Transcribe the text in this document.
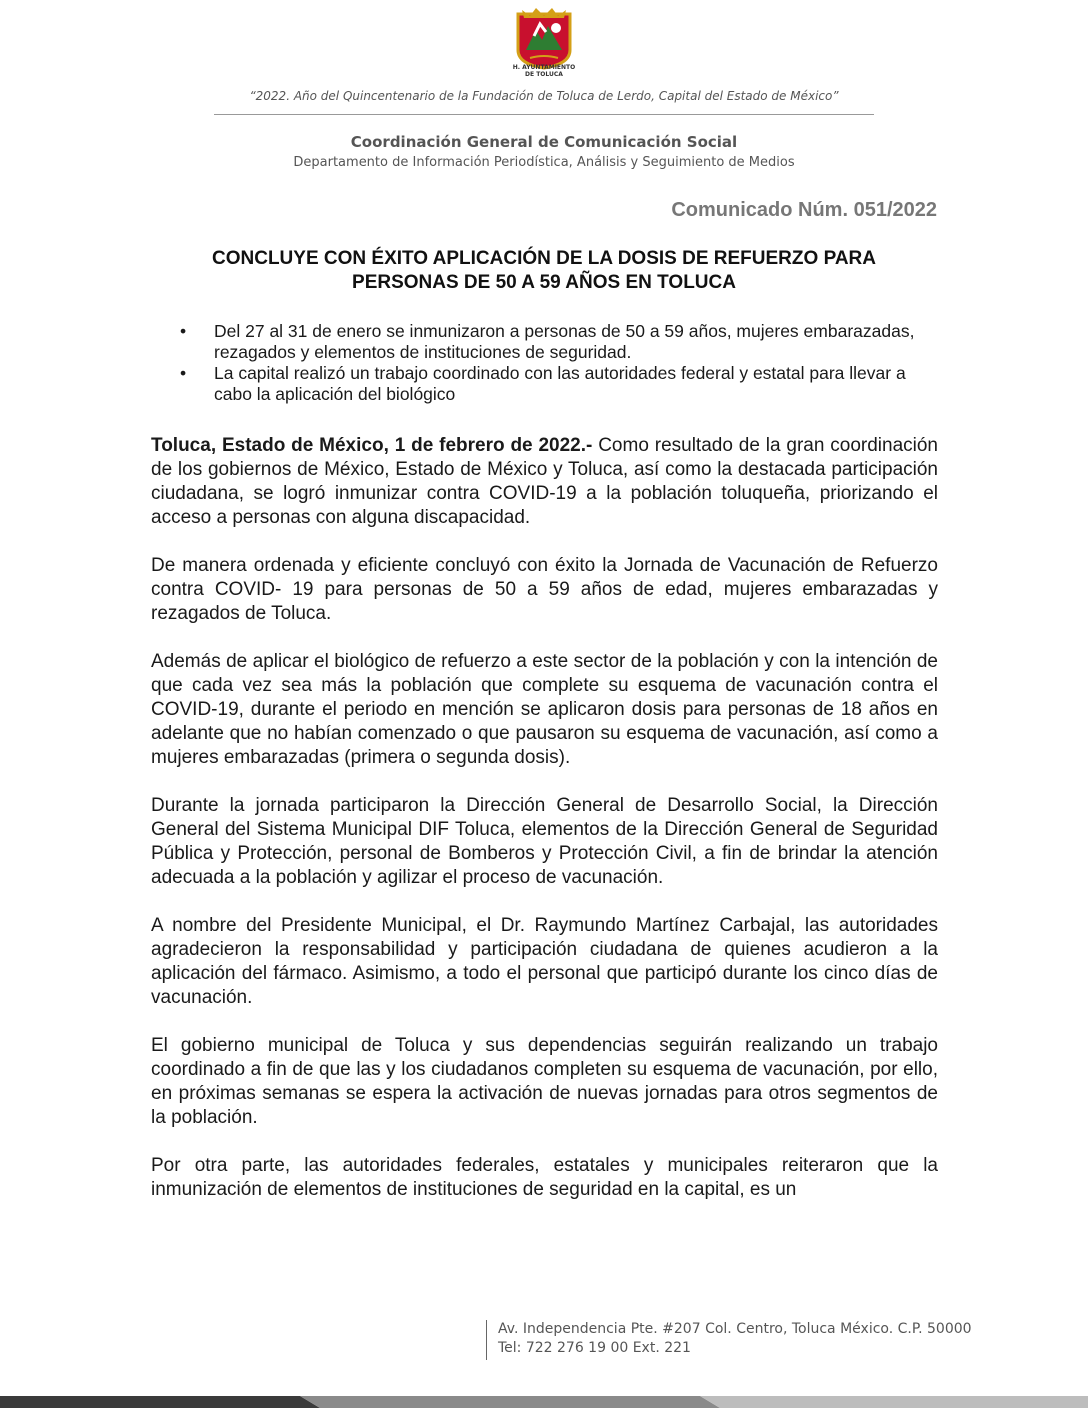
H. AYUNTAMIENTO
DE TOLUCA
“2022. Año del Quincentenario de la Fundación de Toluca de Lerdo, Capital del Estado de México”
Coordinación General de Comunicación Social
Departamento de Información Periodística, Análisis y Seguimiento de Medios
Comunicado Núm. 051/2022
CONCLUYE CON ÉXITO APLICACIÓN DE LA DOSIS DE REFUERZO PARA
PERSONAS DE 50 A 59 AÑOS EN TOLUCA
• Del 27 al 31 de enero se inmunizaron a personas de 50 a 59 años, mujeres embarazadas, rezagados y elementos de instituciones de seguridad.
• La capital realizó un trabajo coordinado con las autoridades federal y estatal para llevar a cabo la aplicación del biológico

Toluca, Estado de México, 1 de febrero de 2022.- Como resultado de la gran coordinación de los gobiernos de México, Estado de México y Toluca, así como la destacada participación ciudadana, se logró inmunizar contra COVID-19 a la población toluqueña, priorizando el acceso a personas con alguna discapacidad.

De manera ordenada y eficiente concluyó con éxito la Jornada de Vacunación de Refuerzo contra COVID- 19 para personas de 50 a 59 años de edad, mujeres embarazadas y rezagados de Toluca.

Además de aplicar el biológico de refuerzo a este sector de la población y con la intención de que cada vez sea más la población que complete su esquema de vacunación contra el COVID-19, durante el periodo en mención se aplicaron dosis para personas de 18 años en adelante que no habían comenzado o que pausaron su esquema de vacunación, así como a mujeres embarazadas (primera o segunda dosis).

Durante la jornada participaron la Dirección General de Desarrollo Social, la Dirección General del Sistema Municipal DIF Toluca, elementos de la Dirección General de Seguridad Pública y Protección, personal de Bomberos y Protección Civil, a fin de brindar la atención adecuada a la población y agilizar el proceso de vacunación.

A nombre del Presidente Municipal, el Dr. Raymundo Martínez Carbajal, las autoridades agradecieron la responsabilidad y participación ciudadana de quienes acudieron a la aplicación del fármaco. Asimismo, a todo el personal que participó durante los cinco días de vacunación.

El gobierno municipal de Toluca y sus dependencias seguirán realizando un trabajo coordinado a fin de que las y los ciudadanos completen su esquema de vacunación, por ello, en próximas semanas se espera la activación de nuevas jornadas para otros segmentos de la población.

Por otra parte, las autoridades federales, estatales y municipales reiteraron que la inmunización de elementos de instituciones de seguridad en la capital, es un

Av. Independencia Pte. #207 Col. Centro, Toluca México. C.P. 50000
Tel: 722 276 19 00 Ext. 221
